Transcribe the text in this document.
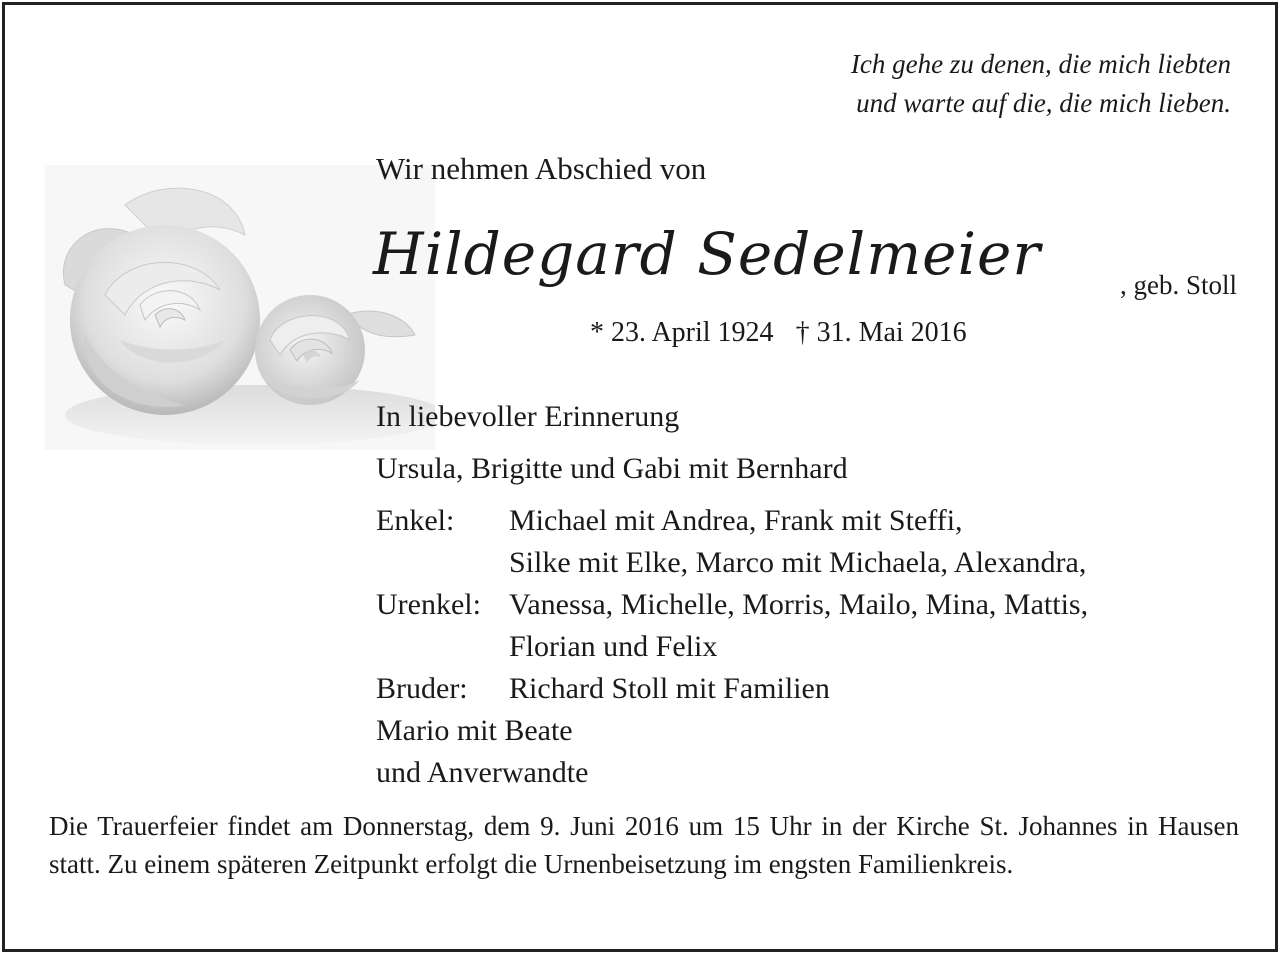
Ich gehe zu denen, die mich liebten
und warte auf die, die mich lieben.
Wir nehmen Abschied von
Hildegard Sedelmeier	, geb. Stoll
* 23. April 1924 † 31. Mai 2016
In liebevoller Erinnerung
Ursula, Brigitte und Gabi mit Bernhard
Enkel:	Michael mit Andrea, Frank mit Steffi,
Silke mit Elke, Marco mit Michaela, Alexandra,
Urenkel: Vanessa, Michelle, Morris, Mailo, Mina, Mattis,
Florian und Felix
Bruder:	Richard Stoll mit Familien
Mario mit Beate
und Anverwandte
Die Trauerfeier findet am Donnerstag, dem 9. Juni 2016 um 15 Uhr in der Kirche St. Johannes in Hausen statt. Zu einem späteren Zeitpunkt erfolgt die Urnenbeisetzung im engsten Familienkreis.
